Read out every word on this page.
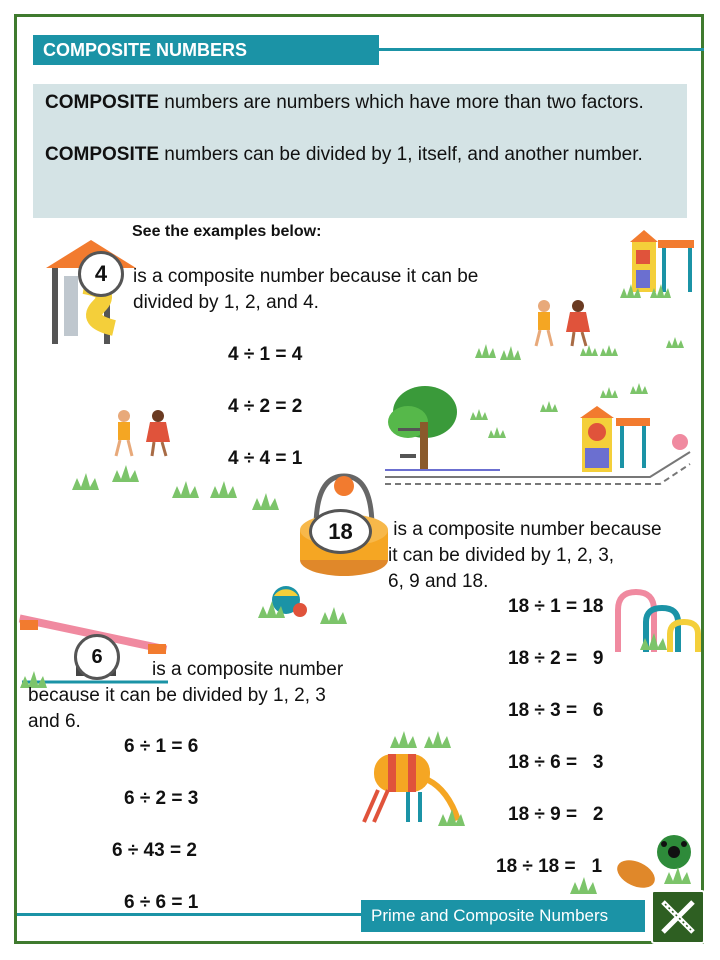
COMPOSITE NUMBERS

COMPOSITE numbers are numbers which have more than two factors.

COMPOSITE numbers can be divided by 1, itself, and another number.

See the examples below:
4
18
6
is a composite number because it can be
divided by 1, 2, and 4.
4 ÷ 1 = 4
4 ÷ 2 = 2
4 ÷ 4 = 1
is a composite number because
it can be divided by 1, 2, 3,
6, 9 and 18.
18 ÷ 1 = 18
18 ÷ 2 =   9
18 ÷ 3 =   6
18 ÷ 6 =   3
18 ÷ 9 =   2
18 ÷ 18 =   1
is a composite number
because it can be divided by 1, 2, 3
and 6.
6 ÷ 1 = 6
6 ÷ 2 = 3
6 ÷ 43 = 2
6 ÷ 6 = 1
Prime and Composite Numbers
